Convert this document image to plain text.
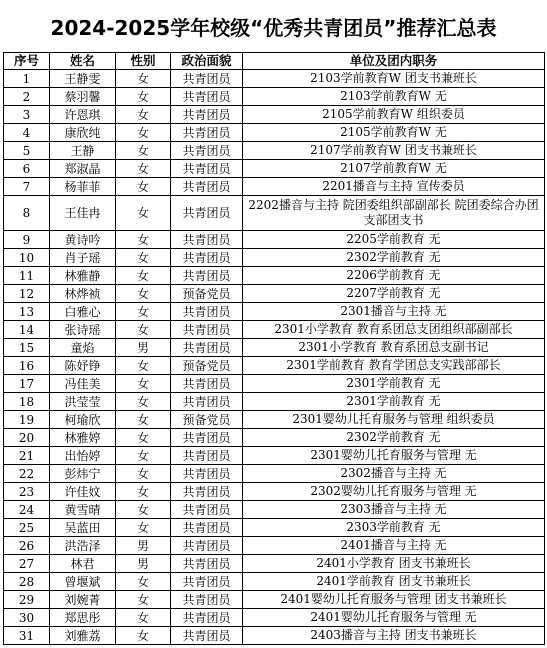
2024-2025学年校级“优秀共青团员”推荐汇总表
序号	姓名	性别	政治面貌	单位及团内职务
1	王静雯	女	共青团员	2103学前教育W 团支书兼班长
2	蔡羽馨	女	共青团员	2103学前教育W 无
3	许恩琪	女	共青团员	2105学前教育W 组织委员
4	康欣纯	女	共青团员	2105学前教育W 无
5	王静	女	共青团员	2107学前教育W 团支书兼班长
6	郑淑晶	女	共青团员	2107学前教育W 无
7	杨菲菲	女	共青团员	2201播音与主持 宣传委员
8	王佳冉	女	共青团员	2202播音与主持 院团委组织部副部长 院团委综合办团支部团支书
9	黄诗吟	女	共青团员	2205学前教育 无
10	肖子瑶	女	共青团员	2302学前教育 无
11	林雅静	女	共青团员	2206学前教育 无
12	林烨祯	女	预备党员	2207学前教育 无
13	白雅心	女	共青团员	2301播音与主持 无
14	张诗瑶	女	共青团员	2301小学教育 教育系团总支团组织部副部长
15	童焰	男	共青团员	2301小学教育 教育系团总支副书记
16	陈妤铮	女	预备党员	2301学前教育 教育学团总支实践部部长
17	冯佳美	女	共青团员	2301学前教育 无
18	洪莹莹	女	共青团员	2301学前教育 无
19	柯瑜欣	女	预备党员	2301婴幼儿托育服务与管理 组织委员
20	林雅婷	女	共青团员	2302学前教育 无
21	出怡婷	女	共青团员	2301婴幼儿托育服务与管理 无
22	彭炜宁	女	共青团员	2302播音与主持 无
23	许佳妏	女	共青团员	2302婴幼儿托育服务与管理 无
24	黄雪晴	女	共青团员	2303播音与主持 无
25	吴蓝田	女	共青团员	2303学前教育 无
26	洪浩泽	男	共青团员	2401播音与主持 无
27	林君	男	共青团员	2401小学教育 团支书兼班长
28	曾堰斌	女	共青团员	2401学前教育 团支书兼班长
29	刘婉菁	女	共青团员	2401婴幼儿托育服务与管理 团支书兼班长
30	郑思彤	女	共青团员	2401婴幼儿托育服务与管理 无
31	刘雅荔	女	共青团员	2403播音与主持 团支书兼班长
